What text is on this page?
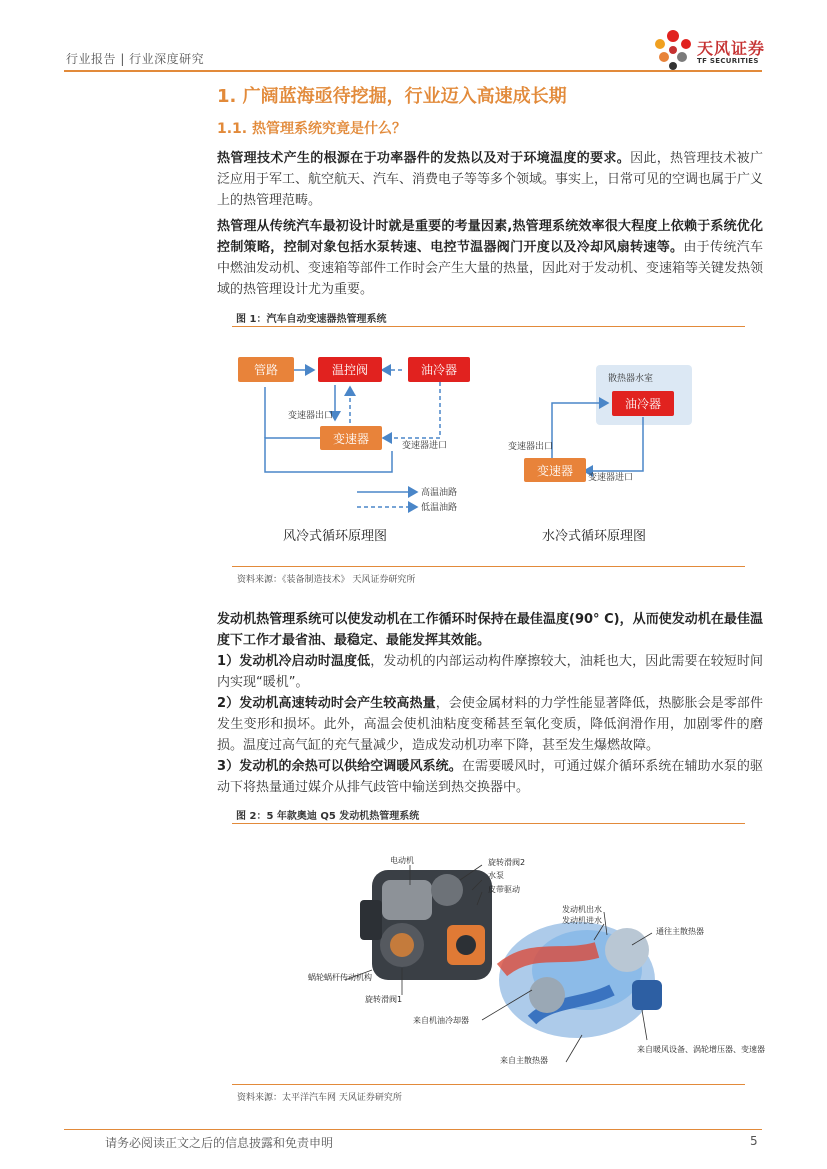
行业报告 | 行业深度研究
天风证券
TF SECURITIES
1. 广阔蓝海亟待挖掘，行业迈入高速成长期
1.1. 热管理系统究竟是什么？
热管理技术产生的根源在于功率器件的发热以及对于环境温度的要求。因此，热管理技术被广泛应用于军工、航空航天、汽车、消费电子等等多个领域。事实上，日常可见的空调也属于广义上的热管理范畴。
热管理从传统汽车最初设计时就是重要的考量因素,热管理系统效率很大程度上依赖于系统优化控制策略，控制对象包括水泵转速、电控节温器阀门开度以及冷却风扇转速等。由于传统汽车中燃油发动机、变速箱等部件工作时会产生大量的热量，因此对于发动机、变速箱等关键发热领域的热管理设计尤为重要。
图 1：汽车自动变速器热管理系统
管路	温控阀	油冷器
变速器
变速器出口
变速器进口
高温油路
低温油路
风冷式循环原理图
散热器水室
油冷器
变速器
变速器出口
变速器进口
水冷式循环原理图
资料来源：《装备制造技术》 天风证券研究所
发动机热管理系统可以使发动机在工作循环时保持在最佳温度(90° C)，从而使发动机在最佳温度下工作才最省油、最稳定、最能发挥其效能。
1）发动机冷启动时温度低，发动机的内部运动构件摩擦较大，油耗也大，因此需要在较短时间内实现“暖机”。
2）发动机高速转动时会产生较高热量，会使金属材料的力学性能显著降低，热膨胀会是零部件发生变形和损坏。此外，高温会使机油粘度变稀甚至氧化变质，降低润滑作用，加剧零件的磨损。温度过高气缸的充气量减少，造成发动机功率下降，甚至发生爆燃故障。
3）发动机的余热可以供给空调暖风系统。在需要暖风时，可通过媒介循环系统在辅助水泵的驱动下将热量通过媒介从排气歧管中输送到热交换器中。
图 2：5 年款奥迪 Q5 发动机热管理系统
电动机	旋转滑阀2
水泵
皮带驱动
蜗轮蜗杆传动机构
旋转滑阀1
发动机出水
发动机进水
通往主散热器
来自机油冷却器
来自暖风设备、涡轮增压器、变速器
来自主散热器
资料来源：太平洋汽车网 天风证券研究所
请务必阅读正文之后的信息披露和免责申明	5
